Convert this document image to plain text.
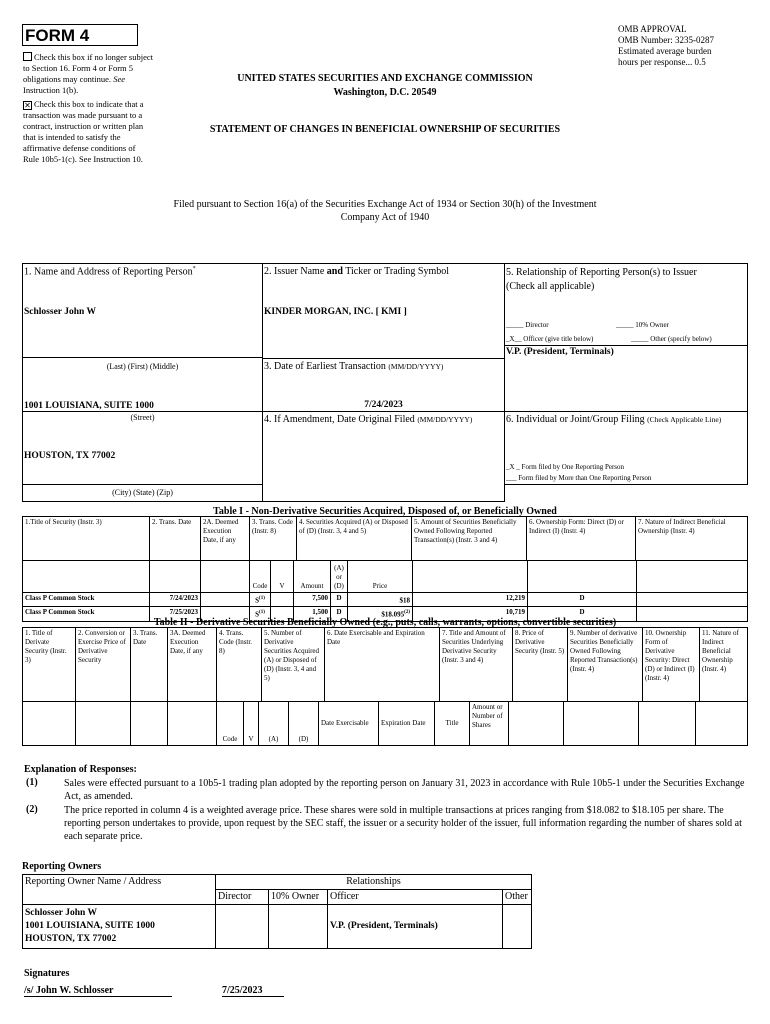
FORM 4	OMB APPROVAL
OMB Number: 3235-0287
Estimated average burden
hours per response... 0.5
Check this box if no longer subject to Section 16. Form 4 or Form 5 obligations may continue. See Instruction 1(b).
✕ Check this box to indicate that a transaction was made pursuant to a contract, instruction or written plan that is intended to satisfy the affirmative defense conditions of Rule 10b5-1(c). See Instruction 10.
UNITED STATES SECURITIES AND EXCHANGE COMMISSION
Washington, D.C. 20549
STATEMENT OF CHANGES IN BENEFICIAL OWNERSHIP OF SECURITIES
Filed pursuant to Section 16(a) of the Securities Exchange Act of 1934 or Section 30(h) of the Investment Company Act of 1940
1. Name and Address of Reporting Person*
Schlosser John W
(Last) (First) (Middle)
1001 LOUISIANA, SUITE 1000
(Street)
HOUSTON, TX 77002
(City) (State) (Zip)
2. Issuer Name and Ticker or Trading Symbol
KINDER MORGAN, INC. [ KMI ]
3. Date of Earliest Transaction (MM/DD/YYYY)
7/24/2023
4. If Amendment, Date Original Filed (MM/DD/YYYY)
5. Relationship of Reporting Person(s) to Issuer
(Check all applicable)
_____ Director	_____ 10% Owner
_X__ Officer (give title below)	_____ Other (specify below)
V.P. (President, Terminals)
6. Individual or Joint/Group Filing (Check Applicable Line)
_X _ Form filed by One Reporting Person
___ Form filed by More than One Reporting Person
Table I - Non-Derivative Securities Acquired, Disposed of, or Beneficially Owned
1.Title of Security (Instr. 3)	2. Trans. Date	2A. Deemed Execution Date, if any	3. Trans. Code (Instr. 8)	4. Securities Acquired (A) or Disposed of (D) (Instr. 3, 4 and 5)	5. Amount of Securities Beneficially Owned Following Reported Transaction(s) (Instr. 3 and 4)	6. Ownership Form: Direct (D) or Indirect (I) (Instr. 4)	7. Nature of Indirect Beneficial Ownership (Instr. 4)
			Code	V	Amount	(A) or (D)	Price			
Class P Common Stock	7/24/2023		$S^{(1)}$		7,500	D	$18	12,219	D	
Class P Common Stock	7/25/2023		$S^{(1)}$		1,500	D	$18.095$^{(2)}$	10,719	D	
Table II - Derivative Securities Beneficially Owned (e.g., puts, calls, warrants, options, convertible securities)
1. Title of Derivate Security (Instr. 3)	2. Conversion or Exercise Price of Derivative Security	3. Trans. Date	3A. Deemed Execution Date, if any	4. Trans. Code (Instr. 8)	5. Number of Derivative Securities Acquired (A) or Disposed of (D) (Instr. 3, 4 and 5)	6. Date Exercisable and Expiration Date	7. Title and Amount of Securities Underlying Derivative Security (Instr. 3 and 4)	8. Price of Derivative Security (Instr. 5)	9. Number of derivative Securities Beneficially Owned Following Reported Transaction(s) (Instr. 4)	10. Ownership Form of Derivative Security: Direct (D) or Indirect (I) (Instr. 4)	11. Nature of Indirect Beneficial Ownership (Instr. 4)
				Code	V	(A)	(D)	Date Exercisable	Expiration Date	Title	Amount or Number of Shares				
Explanation of Responses:
(1)	Sales were effected pursuant to a 10b5-1 trading plan adopted by the reporting person on January 31, 2023 in accordance with Rule 10b5-1 under the Securities Exchange Act, as amended.
(2)	The price reported in column 4 is a weighted average price. These shares were sold in multiple transactions at prices ranging from $18.082 to $18.105 per share. The reporting person undertakes to provide, upon request by the SEC staff, the issuer or a security holder of the issuer, full information regarding the number of shares sold at each separate price.
Reporting Owners
Reporting Owner Name / Address	Relationships			
	Director	10% Owner	Officer	Other

Schlosser John W
1001 LOUISIANA, SUITE 1000
HOUSTON, TX 77002			V.P. (President, Terminals)	
Signatures
/s/ John W. Schlosser	7/25/2023
